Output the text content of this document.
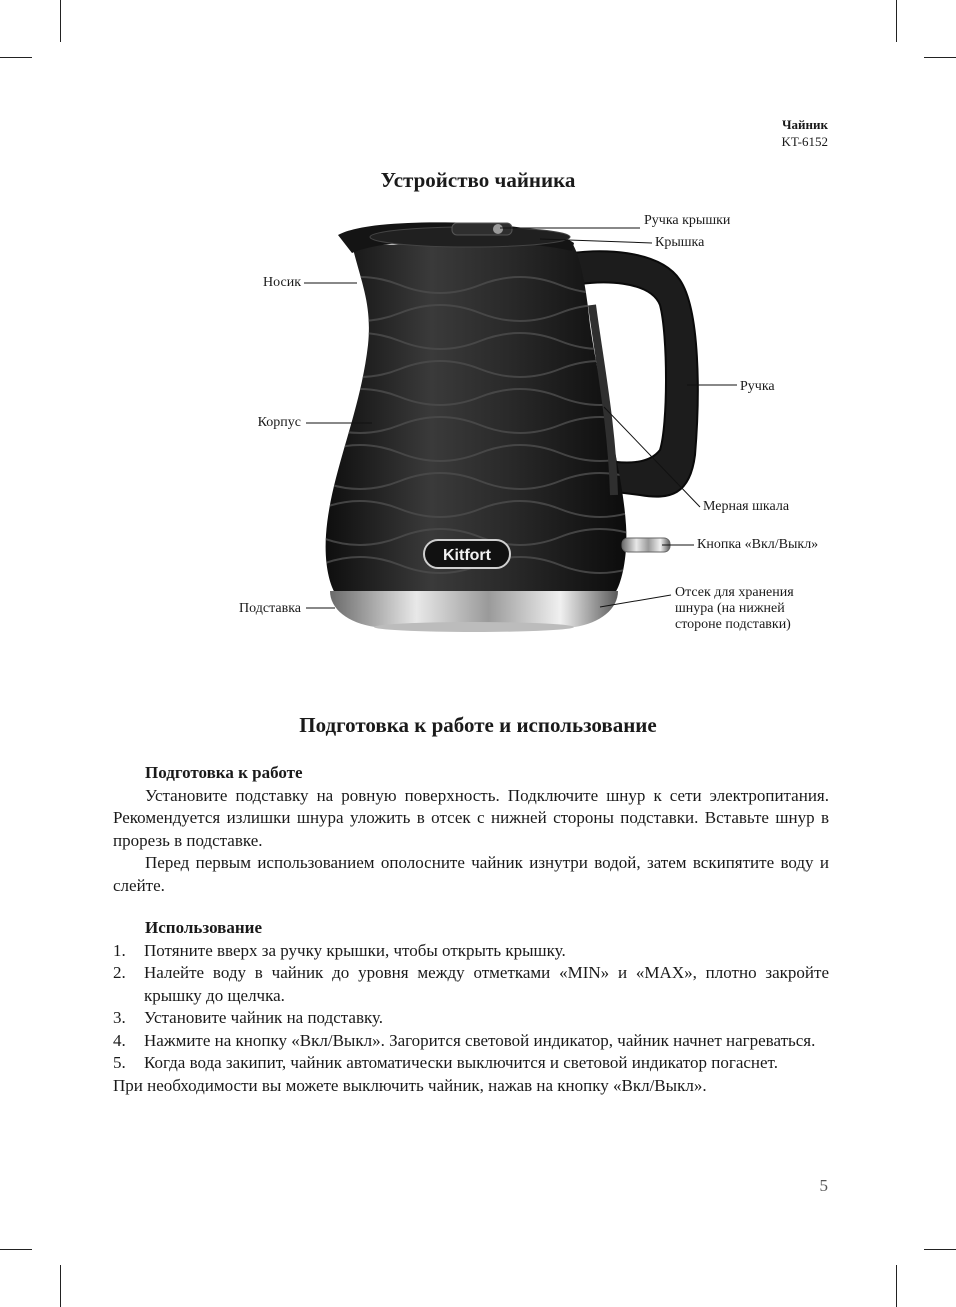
Чайник
KT-6152
Устройство чайника
Kitfort
Ручка крышки
Крышка
Носик
Ручка
Корпус
Мерная шкала
Кнопка «Вкл/Выкл»
Подставка
Отсек для хранения шнура (на нижней стороне подставки)
Подготовка к работе и использование
Подготовка к работе

Установите подставку на ровную поверхность. Подключите шнур к сети электропитания. Рекомендуется излишки шнура уложить в отсек с нижней стороны подставки. Вставьте шнур в прорезь в подставке.

Перед первым использованием ополосните чайник изнутри водой, затем вскипятите воду и слейте.

Использование
1. Потяните вверх за ручку крышки, чтобы открыть крышку.
2. Налейте воду в чайник до уровня между отметками «MIN» и «MAX», плотно закройте крышку до щелчка.
3. Установите чайник на подставку.
4. Нажмите на кнопку «Вкл/Выкл». Загорится световой индикатор, чайник начнет нагреваться.
5. Когда вода закипит, чайник автоматически выключится и световой индикатор погаснет.
При необходимости вы можете выключить чайник, нажав на кнопку «Вкл/Выкл».
5
